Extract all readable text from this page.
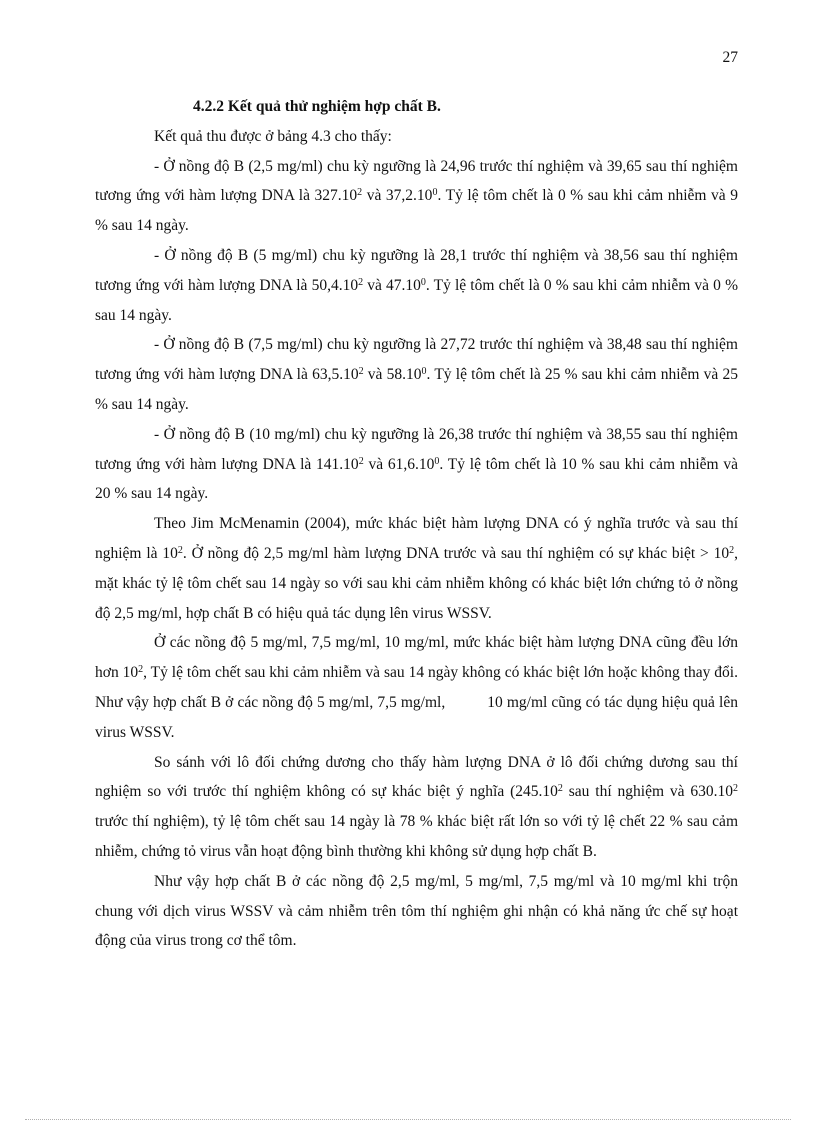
27

4.2.2 Kết quả thử nghiệm hợp chất B.

Kết quả thu được ở bảng 4.3 cho thấy:

- Ở nồng độ B (2,5 mg/ml) chu kỳ ngưỡng là 24,96 trước thí nghiệm và 39,65 sau thí nghiệm tương ứng với hàm lượng DNA là 327.10$^2$ và 37,2.10$^0$. Tỷ lệ tôm chết là 0 % sau khi cảm nhiễm và 9 % sau 14 ngày.

- Ở nồng độ B (5 mg/ml) chu kỳ ngưỡng là 28,1 trước thí nghiệm và 38,56 sau thí nghiệm tương ứng với hàm lượng DNA là 50,4.10$^2$ và 47.10$^0$. Tỷ lệ tôm chết là 0 % sau khi cảm nhiễm và 0 % sau 14 ngày.

- Ở nồng độ B (7,5 mg/ml) chu kỳ ngưỡng là 27,72 trước thí nghiệm và 38,48 sau thí nghiệm tương ứng với hàm lượng DNA là 63,5.10$^2$ và 58.10$^0$. Tỷ lệ tôm chết là 25 % sau khi cảm nhiễm và 25 % sau 14 ngày.

- Ở nồng độ B (10 mg/ml) chu kỳ ngưỡng là 26,38 trước thí nghiệm và 38,55 sau thí nghiệm tương ứng với hàm lượng DNA là 141.10$^2$ và 61,6.10$^0$. Tỷ lệ tôm chết là 10 % sau khi cảm nhiễm và 20 % sau 14 ngày.

Theo Jim McMenamin (2004), mức khác biệt hàm lượng DNA có ý nghĩa trước và sau thí nghiệm là $10^2$. Ở nồng độ 2,5 mg/ml hàm lượng DNA trước và sau thí nghiệm có sự khác biệt > $10^2$, mặt khác tỷ lệ tôm chết sau 14 ngày so với sau khi cảm nhiễm không có khác biệt lớn chứng tỏ ở nồng độ 2,5 mg/ml, hợp chất B có hiệu quả tác dụng lên virus WSSV.

Ở các nồng độ 5 mg/ml, 7,5 mg/ml, 10 mg/ml, mức khác biệt hàm lượng DNA cũng đều lớn hơn $10^2$, Tỷ lệ tôm chết sau khi cảm nhiễm và sau 14 ngày không có khác biệt lớn hoặc không thay đổi. Như vậy hợp chất B ở các nồng độ 5 mg/ml, 7,5 mg/ml,	10 mg/ml cũng có tác dụng hiệu quả lên virus WSSV.

So sánh với lô đối chứng dương cho thấy hàm lượng DNA ở lô đối chứng dương sau thí nghiệm so với trước thí nghiệm không có sự khác biệt ý nghĩa (245.10$^2$ sau thí nghiệm và 630.10$^2$ trước thí nghiệm), tỷ lệ tôm chết sau 14 ngày là 78 % khác biệt rất lớn so với tỷ lệ chết 22 % sau cảm nhiễm, chứng tỏ virus vẫn hoạt động bình thường khi không sử dụng hợp chất B.

Như vậy hợp chất B ở các nồng độ 2,5 mg/ml, 5 mg/ml, 7,5 mg/ml và 10 mg/ml khi trộn chung với dịch virus WSSV và cảm nhiễm trên tôm thí nghiệm ghi nhận có khả năng ức chế sự hoạt động của virus trong cơ thể tôm.
